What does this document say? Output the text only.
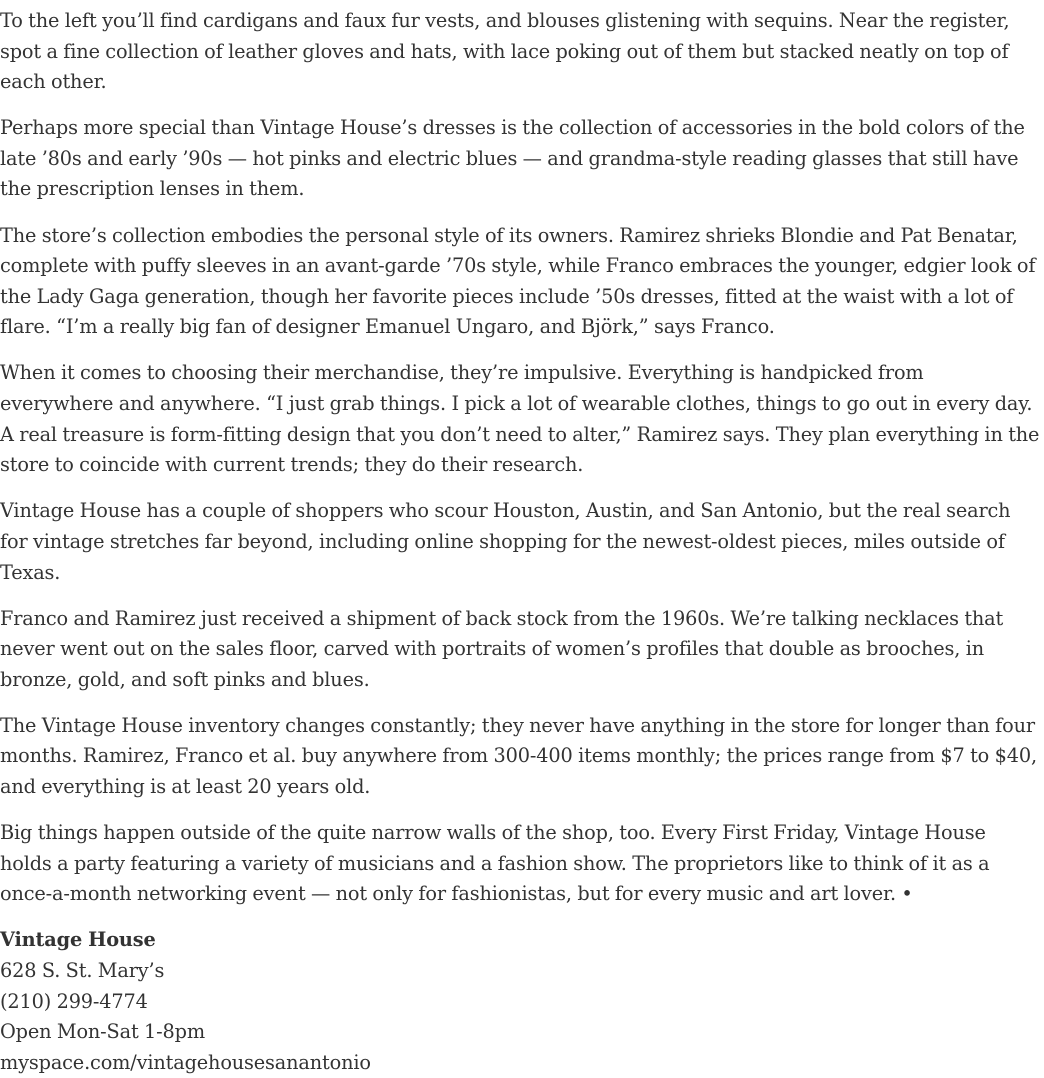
To the left you’ll find cardigans and faux fur vests, and blouses glistening with sequins. Near the register, spot a fine collection of leather gloves and hats, with lace poking out of them but stacked neatly on top of each other.

Perhaps more special than Vintage House’s dresses is the collection of accessories in the bold colors of the late ’80s and early ’90s — hot pinks and electric blues — and grandma-style reading glasses that still have the prescription lenses in them.

The store’s collection embodies the personal style of its owners. Ramirez shrieks Blondie and Pat Benatar, complete with puffy sleeves in an avant-garde ’70s style, while Franco embraces the younger, edgier look of the Lady Gaga generation, though her favorite pieces include ’50s dresses, fitted at the waist with a lot of flare. “I’m a really big fan of designer Emanuel Ungaro, and Björk,” says Franco.

When it comes to choosing their merchandise, they’re impulsive. Everything is handpicked from everywhere and anywhere. “I just grab things. I pick a lot of wearable clothes, things to go out in every day. A real treasure is form-fitting design that you don’t need to alter,” Ramirez says. They plan everything in the store to coincide with current trends; they do their research.

Vintage House has a couple of shoppers who scour Houston, Austin, and San Antonio, but the real search for vintage stretches far beyond, including online shopping for the newest-oldest pieces, miles outside of Texas.

Franco and Ramirez just received a shipment of back stock from the 1960s. We’re talking necklaces that never went out on the sales floor, carved with portraits of women’s profiles that double as brooches, in bronze, gold, and soft pinks and blues.

The Vintage House inventory changes constantly; they never have anything in the store for longer than four months. Ramirez, Franco et al. buy anywhere from 300-400 items monthly; the prices range from $7 to $40, and everything is at least 20 years old.

Big things happen outside of the quite narrow walls of the shop, too. Every First Friday, Vintage House holds a party featuring a variety of musicians and a fashion show. The proprietors like to think of it as a once-a-month networking event — not only for fashionistas, but for every music and art lover. •

Vintage House
628 S. St. Mary’s
(210) 299-4774
Open Mon-Sat 1-8pm
myspace.com/vintagehousesanantonio
